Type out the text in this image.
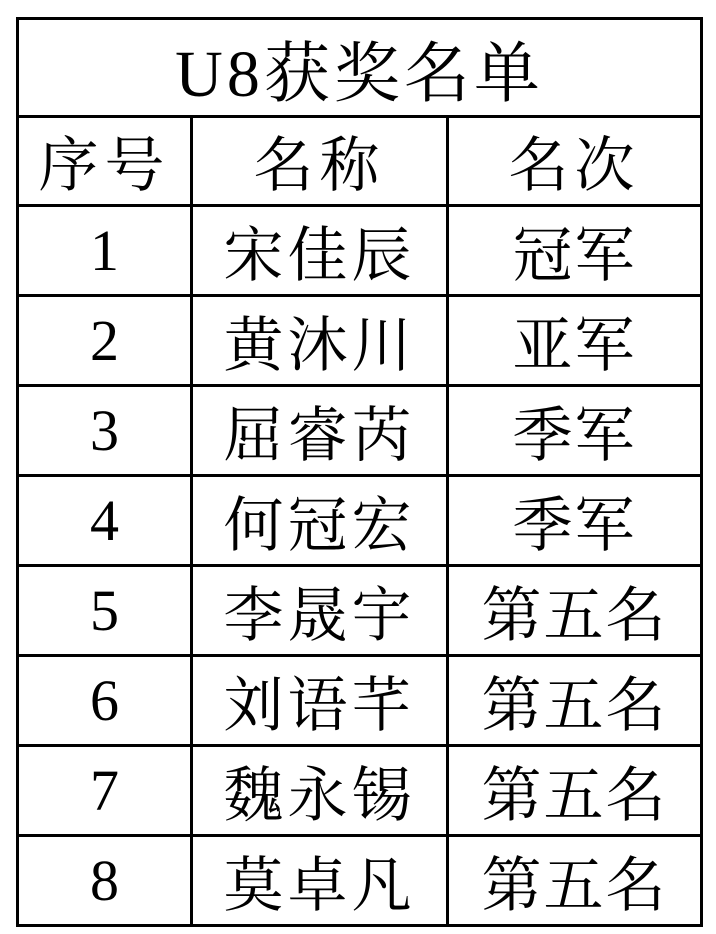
U8获奖名单		
序号	名称	名次
1	宋佳辰	冠军
2	黄沐川	亚军
3	屈睿芮	季军
4	何冠宏	季军
5	李晟宇	第五名
6	刘语芊	第五名
7	魏永锡	第五名
8	莫卓凡	第五名
